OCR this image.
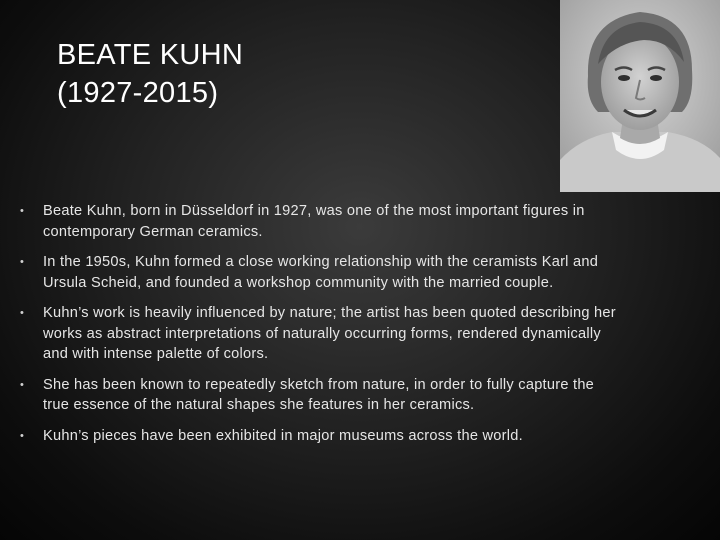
BEATE KUHN
(1927-2015)
•	Beate Kuhn, born in Düsseldorf in 1927, was one of the most important figures in contemporary German ceramics.
•	In the 1950s, Kuhn formed a close working relationship with the ceramists Karl and Ursula Scheid, and founded a workshop community with the married couple.
•	Kuhn’s work is heavily influenced by nature; the artist has been quoted describing her works as abstract interpretations of naturally occurring forms, rendered dynamically and with intense palette of colors.
•	She has been known to repeatedly sketch from nature, in order to fully capture the true essence of the natural shapes she features in her ceramics.
•	Kuhn’s pieces have been exhibited in major museums across the world.
